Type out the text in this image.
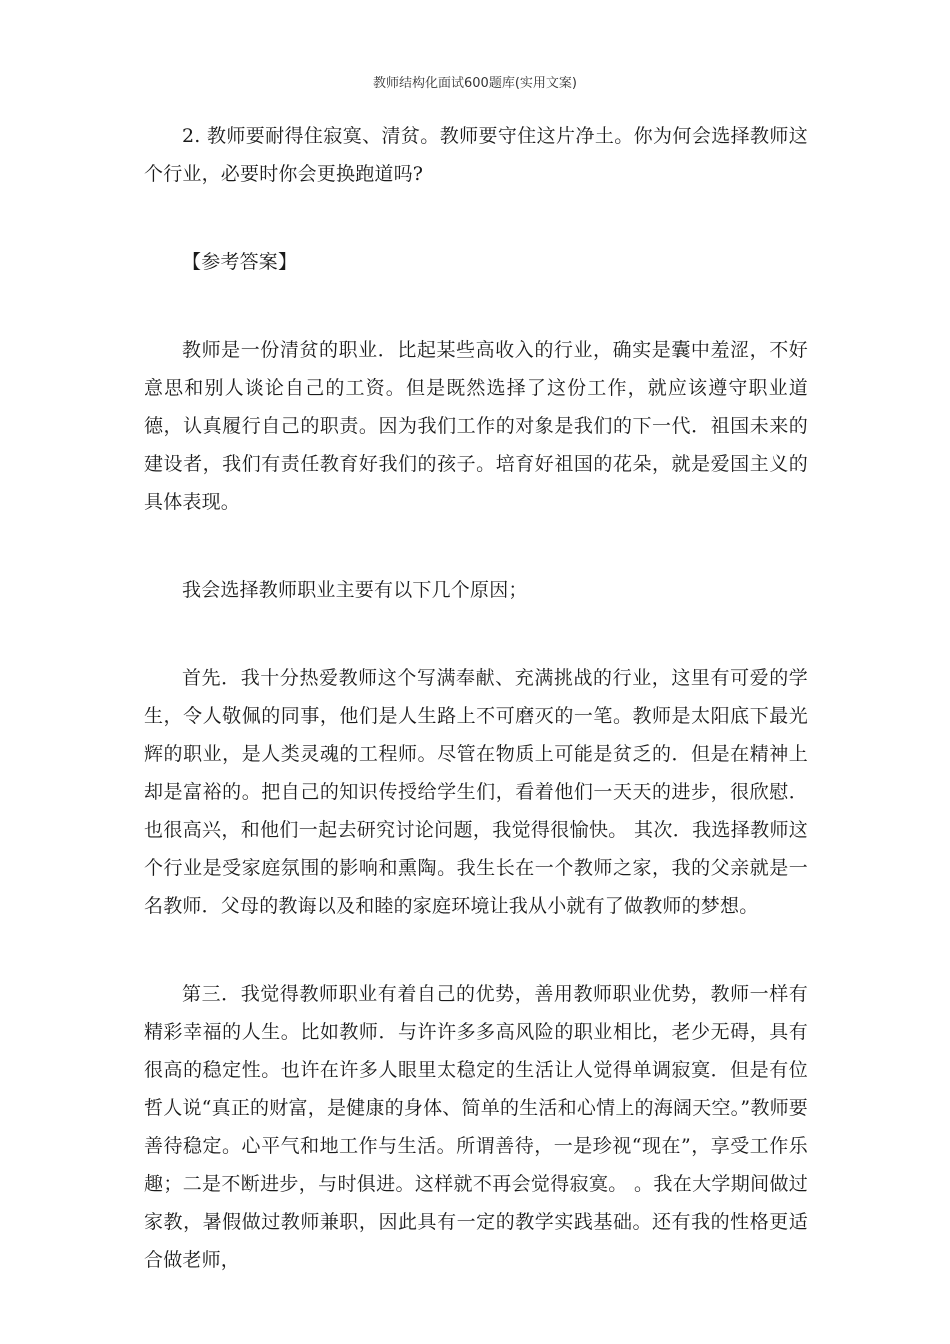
教师结构化面试600题库(实用文案)

2. 教师要耐得住寂寞、清贫。教师要守住这片净土。你为何会选择教师这个行业，必要时你会更换跑道吗?

【参考答案】

教师是一份清贫的职业．比起某些高收入的行业，确实是囊中羞涩，不好意思和别人谈论自己的工资。但是既然选择了这份工作，就应该遵守职业道德，认真履行自己的职责。因为我们工作的对象是我们的下一代．祖国未来的建设者，我们有责任教育好我们的孩子。培育好祖国的花朵，就是爱国主义的具体表现。

我会选择教师职业主要有以下几个原因；

首先．我十分热爱教师这个写满奉献、充满挑战的行业，这里有可爱的学生，令人敬佩的同事，他们是人生路上不可磨灭的一笔。教师是太阳底下最光辉的职业，是人类灵魂的工程师。尽管在物质上可能是贫乏的．但是在精神上却是富裕的。把自己的知识传授给学生们，看着他们一天天的进步，很欣慰．也很高兴，和他们一起去研究讨论问题，我觉得很愉快。 其次．我选择教师这个行业是受家庭氛围的影响和熏陶。我生长在一个教师之家，我的父亲就是一名教师．父母的教诲以及和睦的家庭环境让我从小就有了做教师的梦想。

第三．我觉得教师职业有着自己的优势，善用教师职业优势，教师一样有精彩幸福的人生。比如教师．与许许多多高风险的职业相比，老少无碍，具有很高的稳定性。也许在许多人眼里太稳定的生活让人觉得单调寂寞．但是有位哲人说“真正的财富，是健康的身体、简单的生活和心情上的海阔天空。”教师要善待稳定。心平气和地工作与生活。所谓善待，一是珍视“现在”，享受工作乐趣；二是不断进步，与时俱进。这样就不再会觉得寂寞。 。我在大学期间做过家教，暑假做过教师兼职，因此具有一定的教学实践基础。还有我的性格更适合做老师，
